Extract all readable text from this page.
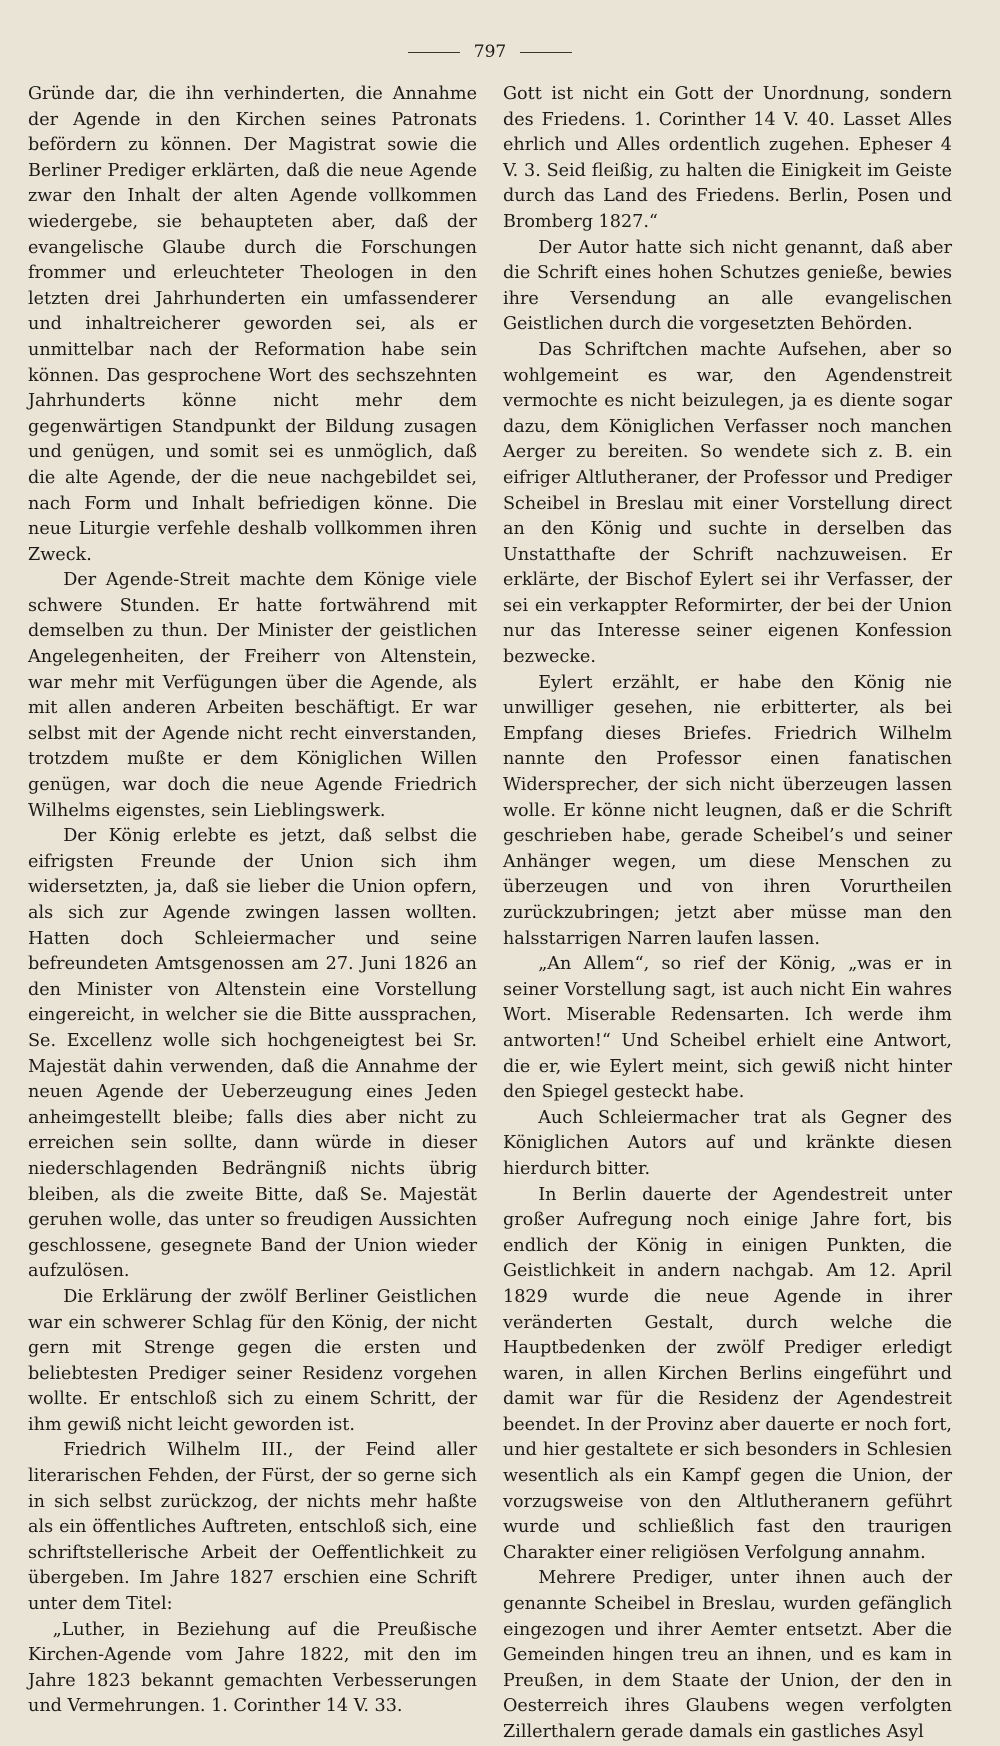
797

Gründe dar, die ihn verhinderten, die Annahme der Agende in den Kirchen seines Patronats befördern zu können. Der Magistrat sowie die Berliner Prediger erklärten, daß die neue Agende zwar den Inhalt der alten Agende vollkommen wiedergebe, sie behaupteten aber, daß der evangelische Glaube durch die Forschungen frommer und erleuchteter Theologen in den letzten drei Jahrhunderten ein umfassenderer und inhaltreicherer geworden sei, als er unmittelbar nach der Reformation habe sein können. Das gesprochene Wort des sechszehnten Jahrhunderts könne nicht mehr dem gegenwärtigen Standpunkt der Bildung zusagen und genügen, und somit sei es unmöglich, daß die alte Agende, der die neue nachgebildet sei, nach Form und Inhalt befriedigen könne. Die neue Liturgie verfehle deshalb vollkommen ihren Zweck.

Der Agende-Streit machte dem Könige viele schwere Stunden. Er hatte fortwährend mit demselben zu thun. Der Minister der geistlichen Angelegenheiten, der Freiherr von Altenstein, war mehr mit Verfügungen über die Agende, als mit allen anderen Arbeiten beschäftigt. Er war selbst mit der Agende nicht recht einverstanden, trotzdem mußte er dem Königlichen Willen genügen, war doch die neue Agende Friedrich Wilhelms eigenstes, sein Lieblingswerk.

Der König erlebte es jetzt, daß selbst die eifrigsten Freunde der Union sich ihm widersetzten, ja, daß sie lieber die Union opfern, als sich zur Agende zwingen lassen wollten. Hatten doch Schleiermacher und seine befreundeten Amtsgenossen am 27. Juni 1826 an den Minister von Altenstein eine Vorstellung eingereicht, in welcher sie die Bitte aussprachen, Se. Excellenz wolle sich hochgeneigtest bei Sr. Majestät dahin verwenden, daß die Annahme der neuen Agende der Ueberzeugung eines Jeden anheimgestellt bleibe; falls dies aber nicht zu erreichen sein sollte, dann würde in dieser niederschlagenden Bedrängniß nichts übrig bleiben, als die zweite Bitte, daß Se. Majestät geruhen wolle, das unter so freudigen Aussichten geschlossene, gesegnete Band der Union wieder aufzulösen.

Die Erklärung der zwölf Berliner Geistlichen war ein schwerer Schlag für den König, der nicht gern mit Strenge gegen die ersten und beliebtesten Prediger seiner Residenz vorgehen wollte. Er entschloß sich zu einem Schritt, der ihm gewiß nicht leicht geworden ist.

Friedrich Wilhelm III., der Feind aller literarischen Fehden, der Fürst, der so gerne sich in sich selbst zurückzog, der nichts mehr haßte als ein öffentliches Auftreten, entschloß sich, eine schriftstellerische Arbeit der Oeffentlichkeit zu übergeben. Im Jahre 1827 erschien eine Schrift unter dem Titel:

„Luther, in Beziehung auf die Preußische Kirchen-Agende vom Jahre 1822, mit den im Jahre 1823 bekannt gemachten Verbesserungen und Vermehrungen. 1. Corinther 14 V. 33.

Gott ist nicht ein Gott der Unordnung, sondern des Friedens. 1. Corinther 14 V. 40. Lasset Alles ehrlich und Alles ordentlich zugehen. Epheser 4 V. 3. Seid fleißig, zu halten die Einigkeit im Geiste durch das Land des Friedens. Berlin, Posen und Bromberg 1827.“

Der Autor hatte sich nicht genannt, daß aber die Schrift eines hohen Schutzes genieße, bewies ihre Versendung an alle evangelischen Geistlichen durch die vorgesetzten Behörden.

Das Schriftchen machte Aufsehen, aber so wohlgemeint es war, den Agendenstreit vermochte es nicht beizulegen, ja es diente sogar dazu, dem Königlichen Verfasser noch manchen Aerger zu bereiten. So wendete sich z. B. ein eifriger Altlutheraner, der Professor und Prediger Scheibel in Breslau mit einer Vorstellung direct an den König und suchte in derselben das Unstatthafte der Schrift nachzuweisen. Er erklärte, der Bischof Eylert sei ihr Verfasser, der sei ein verkappter Reformirter, der bei der Union nur das Interesse seiner eigenen Konfession bezwecke.

Eylert erzählt, er habe den König nie unwilliger gesehen, nie erbitterter, als bei Empfang dieses Briefes. Friedrich Wilhelm nannte den Professor einen fanatischen Widersprecher, der sich nicht überzeugen lassen wolle. Er könne nicht leugnen, daß er die Schrift geschrieben habe, gerade Scheibel’s und seiner Anhänger wegen, um diese Menschen zu überzeugen und von ihren Vorurtheilen zurückzubringen; jetzt aber müsse man den halsstarrigen Narren laufen lassen.

„An Allem“, so rief der König, „was er in seiner Vorstellung sagt, ist auch nicht Ein wahres Wort. Miserable Redensarten. Ich werde ihm antworten!“ Und Scheibel erhielt eine Antwort, die er, wie Eylert meint, sich gewiß nicht hinter den Spiegel gesteckt habe.

Auch Schleiermacher trat als Gegner des Königlichen Autors auf und kränkte diesen hierdurch bitter.

In Berlin dauerte der Agendestreit unter großer Aufregung noch einige Jahre fort, bis endlich der König in einigen Punkten, die Geistlichkeit in andern nachgab. Am 12. April 1829 wurde die neue Agende in ihrer veränderten Gestalt, durch welche die Hauptbedenken der zwölf Prediger erledigt waren, in allen Kirchen Berlins eingeführt und damit war für die Residenz der Agendestreit beendet. In der Provinz aber dauerte er noch fort, und hier gestaltete er sich besonders in Schlesien wesentlich als ein Kampf gegen die Union, der vorzugsweise von den Altlutheranern geführt wurde und schließlich fast den traurigen Charakter einer religiösen Verfolgung annahm.

Mehrere Prediger, unter ihnen auch der genannte Scheibel in Breslau, wurden gefänglich eingezogen und ihrer Aemter entsetzt. Aber die Gemeinden hingen treu an ihnen, und es kam in Preußen, in dem Staate der Union, der den in Oesterreich ihres Glaubens wegen verfolgten Zillerthalern gerade damals ein gastliches Asyl
